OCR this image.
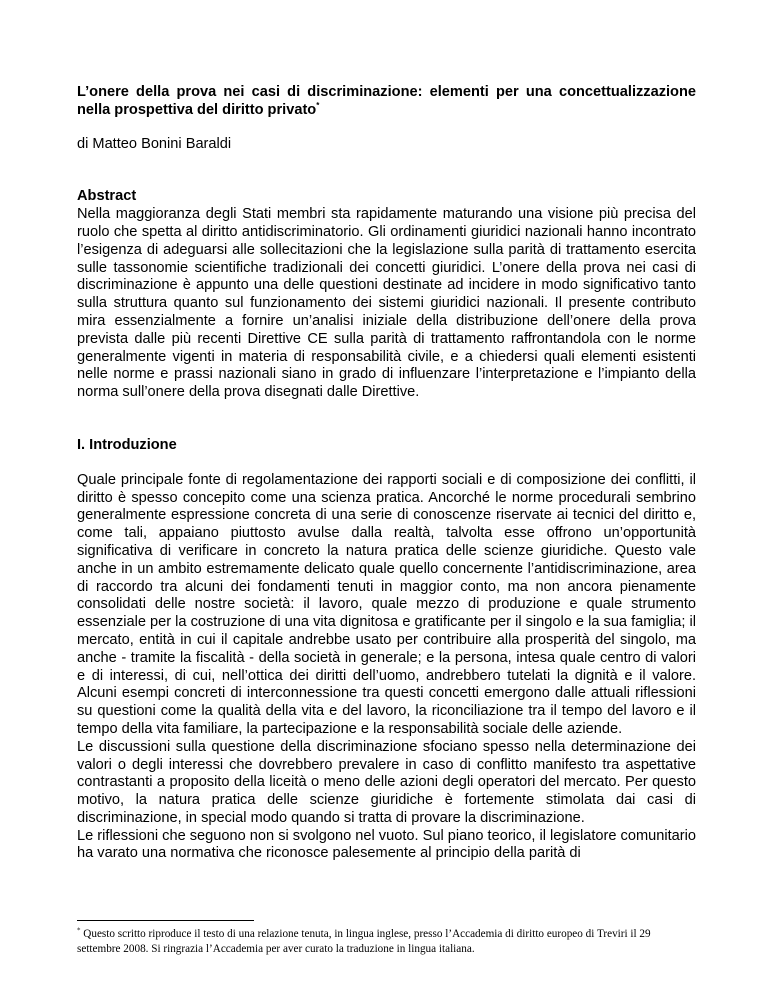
L’onere della prova nei casi di discriminazione: elementi per una concettualizzazione nella prospettiva del diritto privato*

di Matteo Bonini Baraldi

Abstract

Nella maggioranza degli Stati membri sta rapidamente maturando una visione più precisa del ruolo che spetta al diritto antidiscriminatorio. Gli ordinamenti giuridici nazionali hanno incontrato l’esigenza di adeguarsi alle sollecitazioni che la legislazione sulla parità di trattamento esercita sulle tassonomie scientifiche tradizionali dei concetti giuridici. L’onere della prova nei casi di discriminazione è appunto una delle questioni destinate ad incidere in modo significativo tanto sulla struttura quanto sul funzionamento dei sistemi giuridici nazionali. Il presente contributo mira essenzialmente a fornire un’analisi iniziale della distribuzione dell’onere della prova prevista dalle più recenti Direttive CE sulla parità di trattamento raffrontandola con le norme generalmente vigenti in materia di responsabilità civile, e a chiedersi quali elementi esistenti nelle norme e prassi nazionali siano in grado di influenzare l’interpretazione e l’impianto della norma sull’onere della prova disegnati dalle Direttive.

I. Introduzione

Quale principale fonte di regolamentazione dei rapporti sociali e di composizione dei conflitti, il diritto è spesso concepito come una scienza pratica. Ancorché le norme procedurali sembrino generalmente espressione concreta di una serie di conoscenze riservate ai tecnici del diritto e, come tali, appaiano piuttosto avulse dalla realtà, talvolta esse offrono un’opportunità significativa di verificare in concreto la natura pratica delle scienze giuridiche. Questo vale anche in un ambito estremamente delicato quale quello concernente l’antidiscriminazione, area di raccordo tra alcuni dei fondamenti tenuti in maggior conto, ma non ancora pienamente consolidati delle nostre società: il lavoro, quale mezzo di produzione e quale strumento essenziale per la costruzione di una vita dignitosa e gratificante per il singolo e la sua famiglia; il mercato, entità in cui il capitale andrebbe usato per contribuire alla prosperità del singolo, ma anche - tramite la fiscalità - della società in generale; e la persona, intesa quale centro di valori e di interessi, di cui, nell’ottica dei diritti dell’uomo, andrebbero tutelati la dignità e il valore. Alcuni esempi concreti di interconnessione tra questi concetti emergono dalle attuali riflessioni su questioni come la qualità della vita e del lavoro, la riconciliazione tra il tempo del lavoro e il tempo della vita familiare, la partecipazione e la responsabilità sociale delle aziende.

Le discussioni sulla questione della discriminazione sfociano spesso nella determinazione dei valori o degli interessi che dovrebbero prevalere in caso di conflitto manifesto tra aspettative contrastanti a proposito della liceità o meno delle azioni degli operatori del mercato. Per questo motivo, la natura pratica delle scienze giuridiche è fortemente stimolata dai casi di discriminazione, in special modo quando si tratta di provare la discriminazione.

Le riflessioni che seguono non si svolgono nel vuoto. Sul piano teorico, il legislatore comunitario ha varato una normativa che riconosce palesemente al principio della parità di

* Questo scritto riproduce il testo di una relazione tenuta, in lingua inglese, presso l’Accademia di diritto europeo di Treviri il 29 settembre 2008. Si ringrazia l’Accademia per aver curato la traduzione in lingua italiana.
